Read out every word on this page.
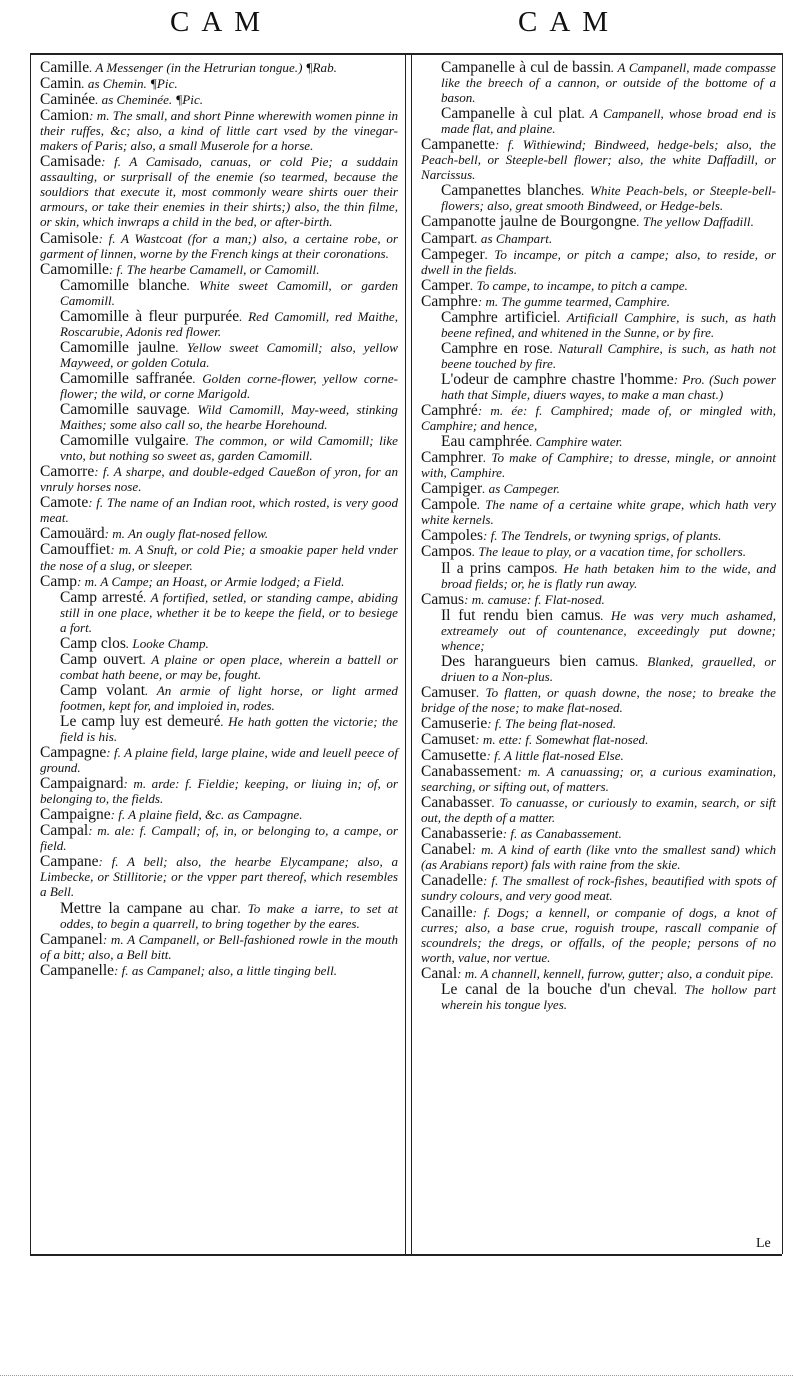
CAM	CAM

Camille. A Messenger (in the Hetrurian tongue.) ¶Rab.

Camin. as Chemin. ¶Pic.

Caminée. as Cheminée. ¶Pic.

Camion: m. The small, and short Pinne wherewith women pinne in their ruffes, &c; also, a kind of little cart vsed by the vinegar-makers of Paris; also, a small Muserole for a horse.

Camisade: f. A Camisado, canuas, or cold Pie; a suddain assaulting, or surprisall of the enemie (so tearmed, because the souldiors that execute it, most commonly weare shirts ouer their armours, or take their enemies in their shirts;) also, the thin filme, or skin, which inwraps a child in the bed, or after-birth.

Camisole: f. A Wastcoat (for a man;) also, a certaine robe, or garment of linnen, worne by the French kings at their coronations.

Camomille: f. The hearbe Camamell, or Camomill.

Camomille blanche. White sweet Camomill, or garden Camomill.

Camomille à fleur purpurée. Red Camomill, red Maithe, Roscarubie, Adonis red flower.

Camomille jaulne. Yellow sweet Camomill; also, yellow Mayweed, or golden Cotula.

Camomille saffranée. Golden corne-flower, yellow corne-flower; the wild, or corne Marigold.

Camomille sauvage. Wild Camomill, May-weed, stinking Maithes; some also call so, the hearbe Horehound.

Camomille vulgaire. The common, or wild Camomill; like vnto, but nothing so sweet as, garden Camomill.

Camorre: f. A sharpe, and double-edged Caueßon of yron, for an vnruly horses nose.

Camote: f. The name of an Indian root, which rosted, is very good meat.

Camouärd: m. An ougly flat-nosed fellow.

Camouffiet: m. A Snuft, or cold Pie; a smoakie paper held vnder the nose of a slug, or sleeper.

Camp: m. A Campe; an Hoast, or Armie lodged; a Field.

Camp arresté. A fortified, setled, or standing campe, abiding still in one place, whether it be to keepe the field, or to besiege a fort.

Camp clos. Looke Champ.

Camp ouvert. A plaine or open place, wherein a battell or combat hath beene, or may be, fought.

Camp volant. An armie of light horse, or light armed footmen, kept for, and imploied in, rodes.

Le camp luy est demeuré. He hath gotten the victorie; the field is his.

Campagne: f. A plaine field, large plaine, wide and leuell peece of ground.

Campaignard: m. arde: f. Fieldie; keeping, or liuing in; of, or belonging to, the fields.

Campaigne: f. A plaine field, &c. as Campagne.

Campal: m. ale: f. Campall; of, in, or belonging to, a campe, or field.

Campane: f. A bell; also, the hearbe Elycampane; also, a Limbecke, or Stillitorie; or the vpper part thereof, which resembles a Bell.

Mettre la campane au char. To make a iarre, to set at oddes, to begin a quarrell, to bring together by the eares.

Campanel: m. A Campanell, or Bell-fashioned rowle in the mouth of a bitt; also, a Bell bitt.

Campanelle: f. as Campanel; also, a little tinging bell.

Campanelle à cul de bassin. A Campanell, made compasse like the breech of a cannon, or outside of the bottome of a bason.

Campanelle à cul plat. A Campanell, whose broad end is made flat, and plaine.

Campanette: f. Withiewind; Bindweed, hedge-bels; also, the Peach-bell, or Steeple-bell flower; also, the white Daffadill, or Narcissus.

Campanettes blanches. White Peach-bels, or Steeple-bell-flowers; also, great smooth Bindweed, or Hedge-bels.

Campanotte jaulne de Bourgongne. The yellow Daffadill.

Campart. as Champart.

Campeger. To incampe, or pitch a campe; also, to reside, or dwell in the fields.

Camper. To campe, to incampe, to pitch a campe.

Camphre: m. The gumme tearmed, Camphire.

Camphre artificiel. Artificiall Camphire, is such, as hath beene refined, and whitened in the Sunne, or by fire.

Camphre en rose. Naturall Camphire, is such, as hath not beene touched by fire.

L'odeur de camphre chastre l'homme: Pro. (Such power hath that Simple, diuers wayes, to make a man chast.)

Camphré: m. ée: f. Camphired; made of, or mingled with, Camphire; and hence,

Eau camphrée. Camphire water.

Camphrer. To make of Camphire; to dresse, mingle, or annoint with, Camphire.

Campiger. as Campeger.

Campole. The name of a certaine white grape, which hath very white kernels.

Campoles: f. The Tendrels, or twyning sprigs, of plants.

Campos. The leaue to play, or a vacation time, for schollers.

Il a prins campos. He hath betaken him to the wide, and broad fields; or, he is flatly run away.

Camus: m. camuse: f. Flat-nosed.

Il fut rendu bien camus. He was very much ashamed, extreamely out of countenance, exceedingly put downe; whence;

Des harangueurs bien camus. Blanked, grauelled, or driuen to a Non-plus.

Camuser. To flatten, or quash downe, the nose; to breake the bridge of the nose; to make flat-nosed.

Camuserie: f. The being flat-nosed.

Camuset: m. ette: f. Somewhat flat-nosed.

Camusette: f. A little flat-nosed Else.

Canabassement: m. A canuassing; or, a curious examination, searching, or sifting out, of matters.

Canabasser. To canuasse, or curiously to examin, search, or sift out, the depth of a matter.

Canabasserie: f. as Canabassement.

Canabel: m. A kind of earth (like vnto the smallest sand) which (as Arabians report) fals with raine from the skie.

Canadelle: f. The smallest of rock-fishes, beautified with spots of sundry colours, and very good meat.

Canaille: f. Dogs; a kennell, or companie of dogs, a knot of curres; also, a base crue, roguish troupe, rascall companie of scoundrels; the dregs, or offalls, of the people; persons of no worth, value, nor vertue.

Canal: m. A channell, kennell, furrow, gutter; also, a conduit pipe.

Le canal de la bouche d'un cheval. The hollow part wherein his tongue lyes.

Le
